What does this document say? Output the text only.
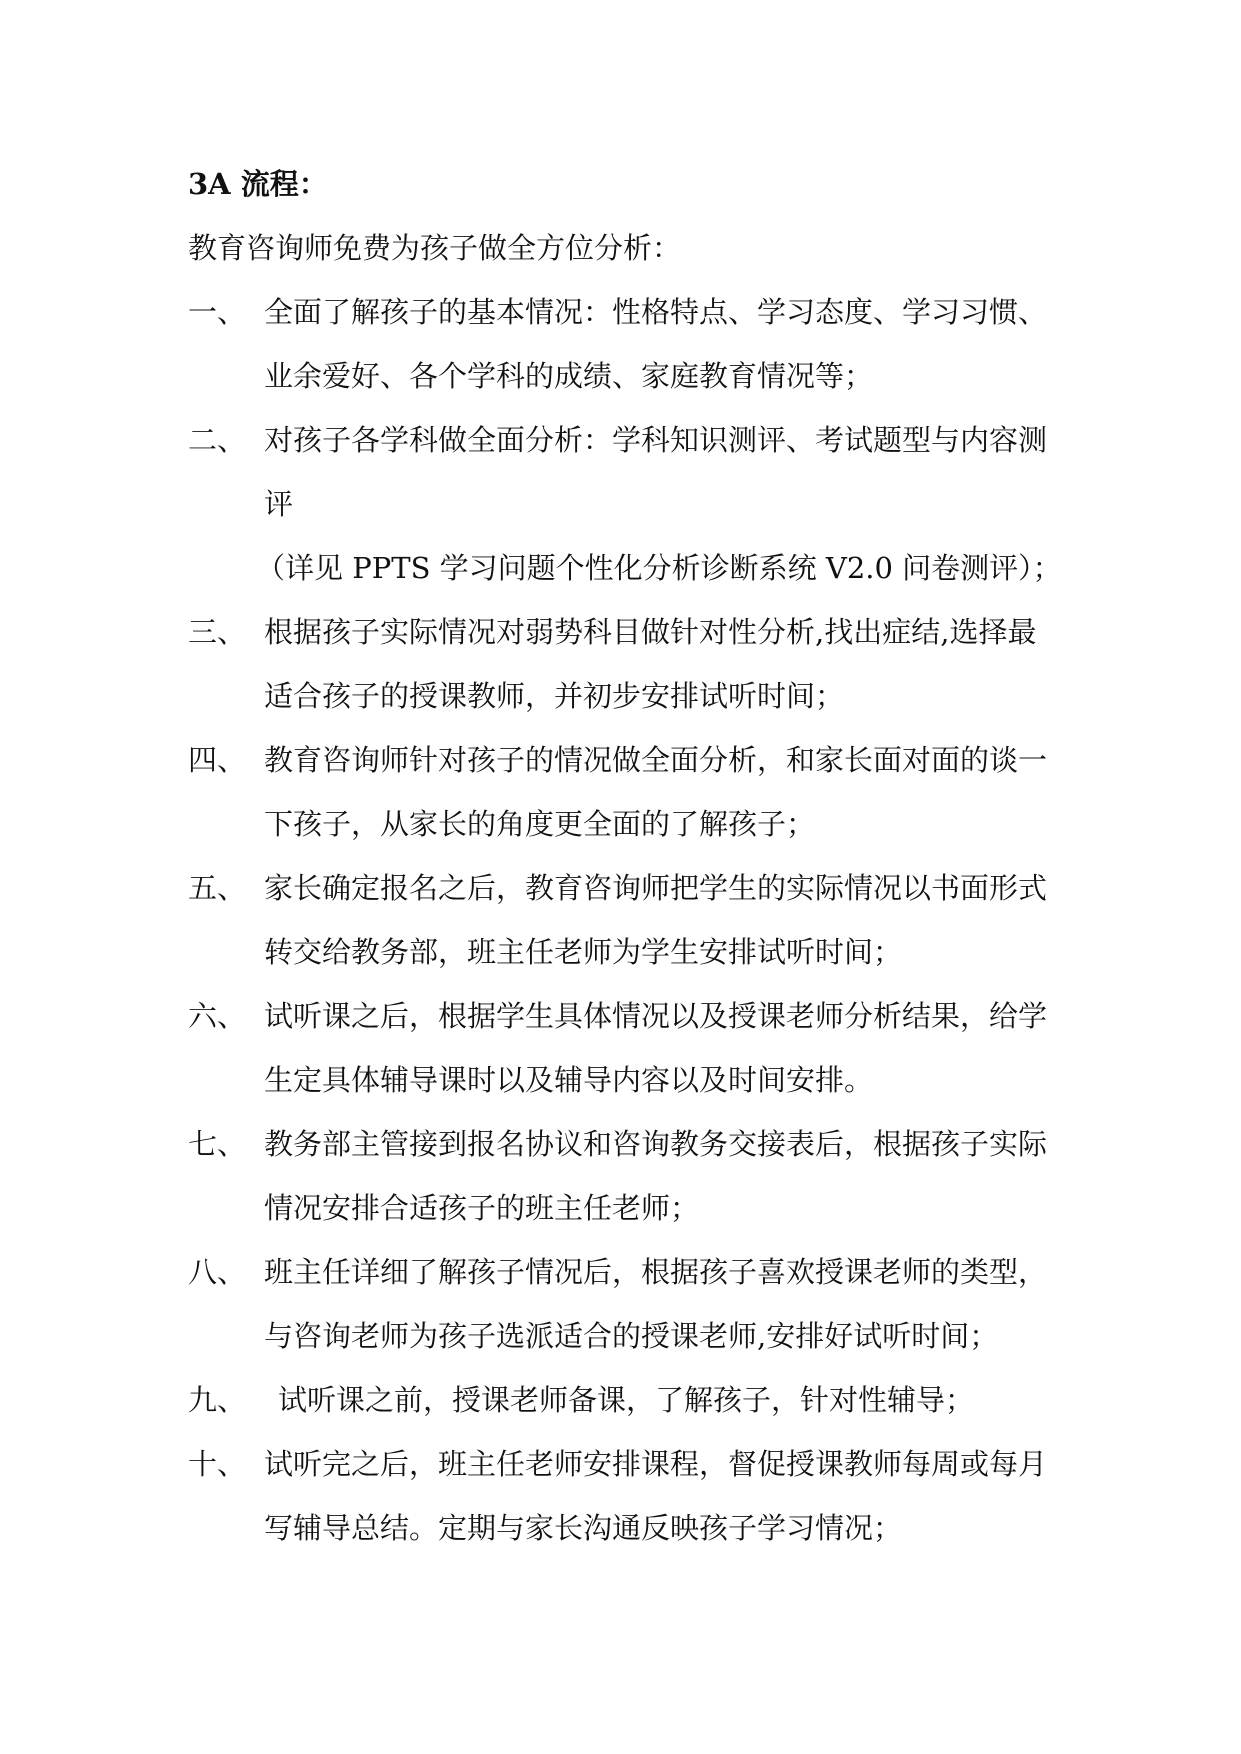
3A 流程：
教育咨询师免费为孩子做全方位分析：
一、 全面了解孩子的基本情况：性格特点、学习态度、学习习惯、
业余爱好、各个学科的成绩、家庭教育情况等；
二、 对孩子各学科做全面分析：学科知识测评、考试题型与内容测
评
（详见 PPTS 学习问题个性化分析诊断系统 V2.0 问卷测评）；
三、 根据孩子实际情况对弱势科目做针对性分析,找出症结,选择最
适合孩子的授课教师，并初步安排试听时间；
四、 教育咨询师针对孩子的情况做全面分析，和家长面对面的谈一
下孩子，从家长的角度更全面的了解孩子；
五、 家长确定报名之后，教育咨询师把学生的实际情况以书面形式
转交给教务部，班主任老师为学生安排试听时间；
六、 试听课之后，根据学生具体情况以及授课老师分析结果，给学
生定具体辅导课时以及辅导内容以及时间安排。
七、 教务部主管接到报名协议和咨询教务交接表后，根据孩子实际
情况安排合适孩子的班主任老师；
八、 班主任详细了解孩子情况后，根据孩子喜欢授课老师的类型，
与咨询老师为孩子选派适合的授课老师,安排好试听时间；
九、 试听课之前，授课老师备课，了解孩子，针对性辅导；
十、 试听完之后，班主任老师安排课程，督促授课教师每周或每月
写辅导总结。定期与家长沟通反映孩子学习情况；
